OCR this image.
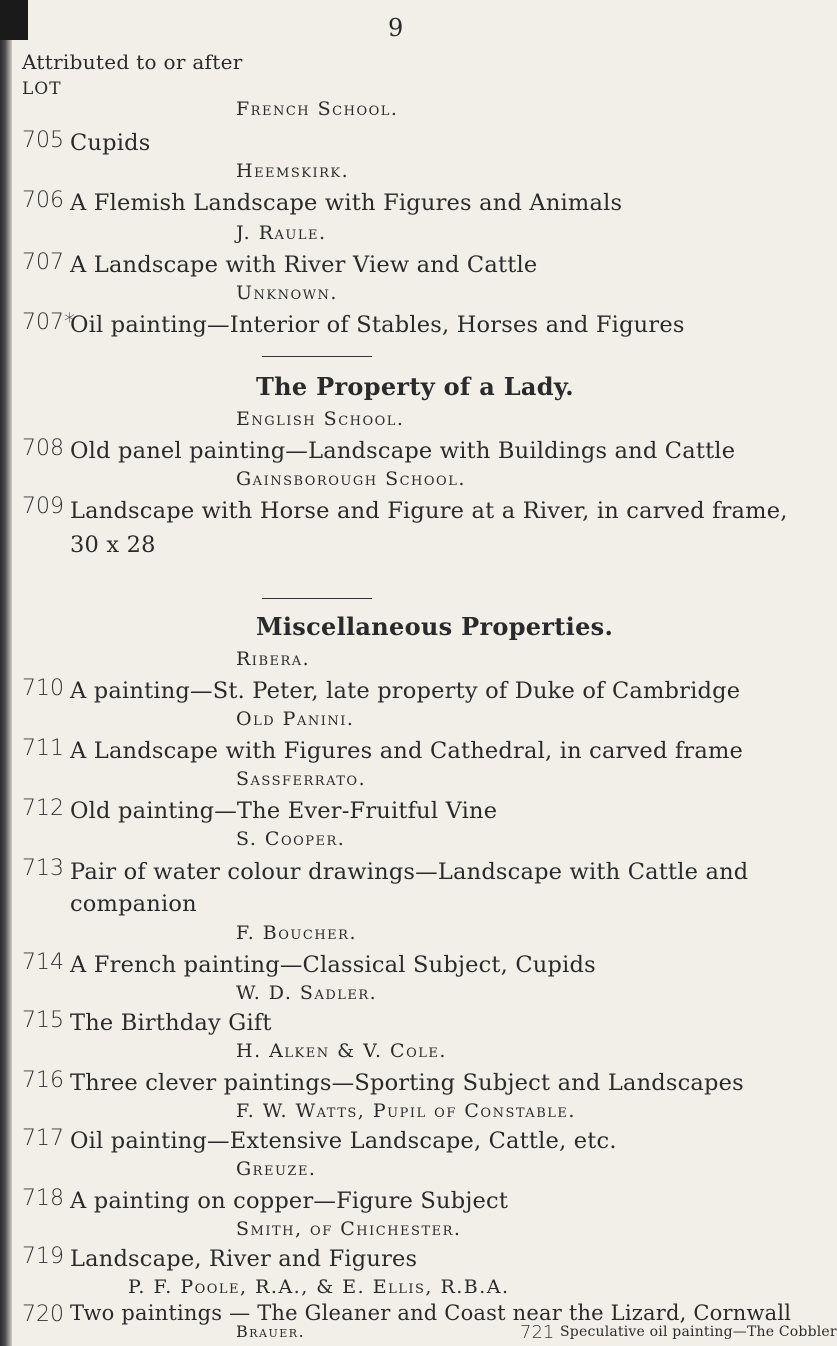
9
Attributed to or after
LOT
French School.
705 Cupids
Heemskirk.
706 A Flemish Landscape with Figures and Animals
J. Raule.
707 A Landscape with River View and Cattle
Unknown.
707*
Oil painting—Interior of Stables, Horses and Figures
The Property of a Lady.
English School.
708 Old panel painting—Landscape with Buildings and Cattle
Gainsborough School.
709 Landscape with Horse and Figure at a River, in carved frame, 30 x 28
Miscellaneous Properties.
Ribera.
710 A painting—St. Peter, late property of Duke of Cambridge
Old Panini.
711 A Landscape with Figures and Cathedral, in carved frame
Sassferrato.
712 Old painting—The Ever-Fruitful Vine
S. Cooper.
713 Pair of water colour drawings—Landscape with Cattle and companion
F. Boucher.
714 A French painting—Classical Subject, Cupids
W. D. Sadler.
715 The Birthday Gift
H. Alken & V. Cole.
716 Three clever paintings—Sporting Subject and Landscapes
F. W. Watts, Pupil of Constable.
717 Oil painting—Extensive Landscape, Cattle, etc.
Greuze.
718 A painting on copper—Figure Subject
Smith, of Chichester.
719 Landscape, River and Figures
P. F. Poole, R.A., & E. Ellis, R.B.A.
720 Two paintings — The Gleaner and Coast near the Lizard, Cornwall
Brauer.	721 Speculative oil painting—The Cobbler
